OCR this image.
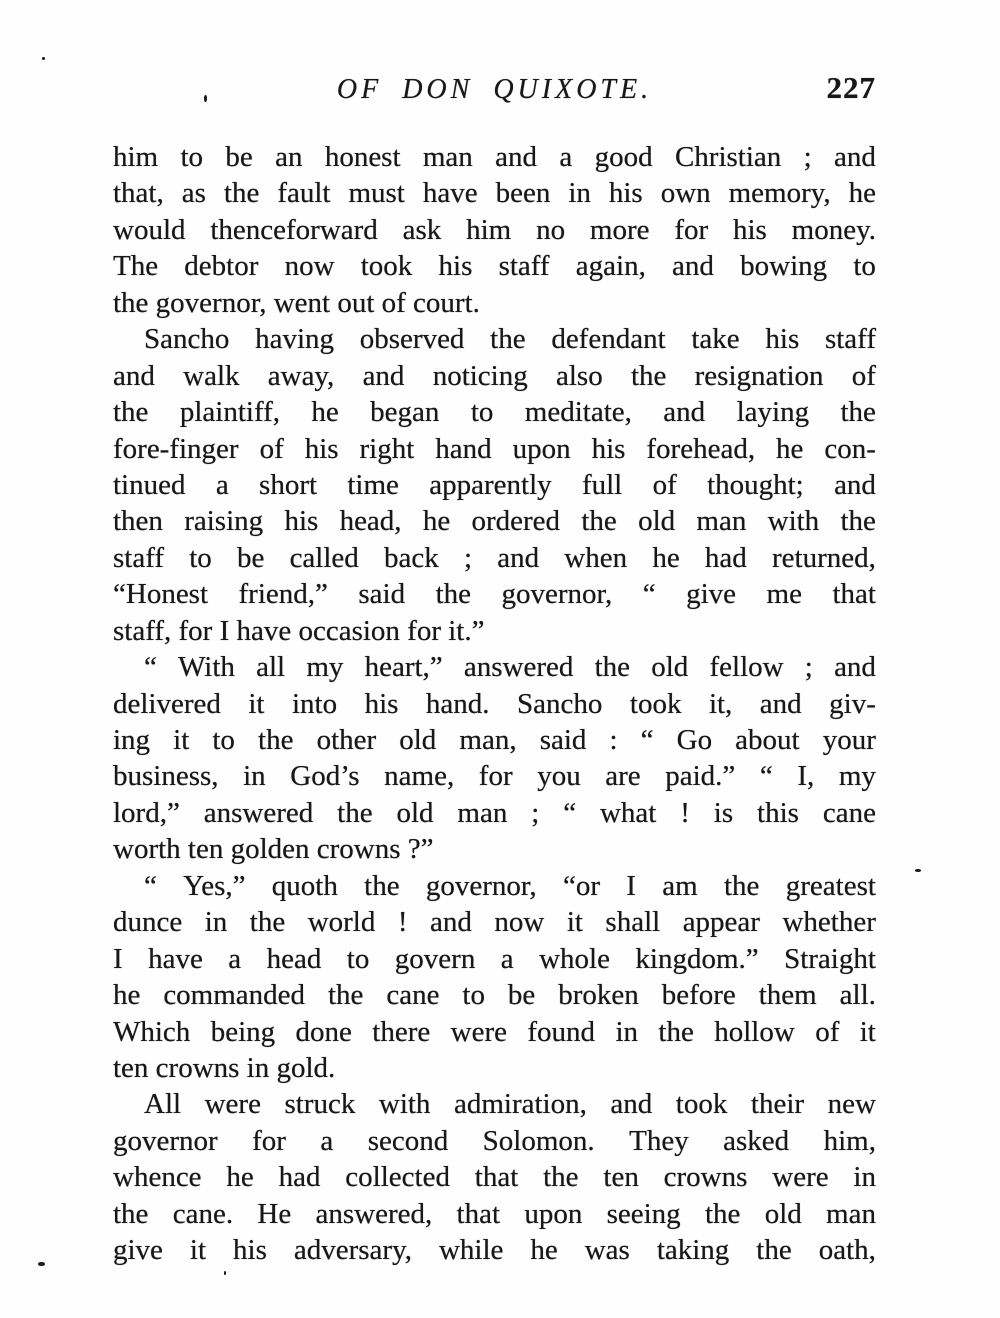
OF DON QUIXOTE.	227
him to be an honest man and a good Christian ; and
that, as the fault must have been in his own memory, he
would thenceforward ask him no more for his money.
The debtor now took his staff again, and bowing to
the governor, went out of court.
Sancho having observed the defendant take his staff
and walk away, and noticing also the resignation of
the plaintiff, he began to meditate, and laying the
fore-finger of his right hand upon his forehead, he con-
tinued a short time apparently full of thought; and
then raising his head, he ordered the old man with the
staff to be called back ; and when he had returned,
“Honest friend,” said the governor, “ give me that
staff, for I have occasion for it.”
“ With all my heart,” answered the old fellow ; and
delivered it into his hand. Sancho took it, and giv-
ing it to the other old man, said : “ Go about your
business, in God’s name, for you are paid.” “ I, my
lord,” answered the old man ; “ what ! is this cane
worth ten golden crowns ?”
“ Yes,” quoth the governor, “or I am the greatest
dunce in the world ! and now it shall appear whether
I have a head to govern a whole kingdom.” Straight
he commanded the cane to be broken before them all.
Which being done there were found in the hollow of it
ten crowns in gold.
All were struck with admiration, and took their new
governor for a second Solomon. They asked him,
whence he had collected that the ten crowns were in
the cane. He answered, that upon seeing the old man
give it his adversary, while he was taking the oath,
